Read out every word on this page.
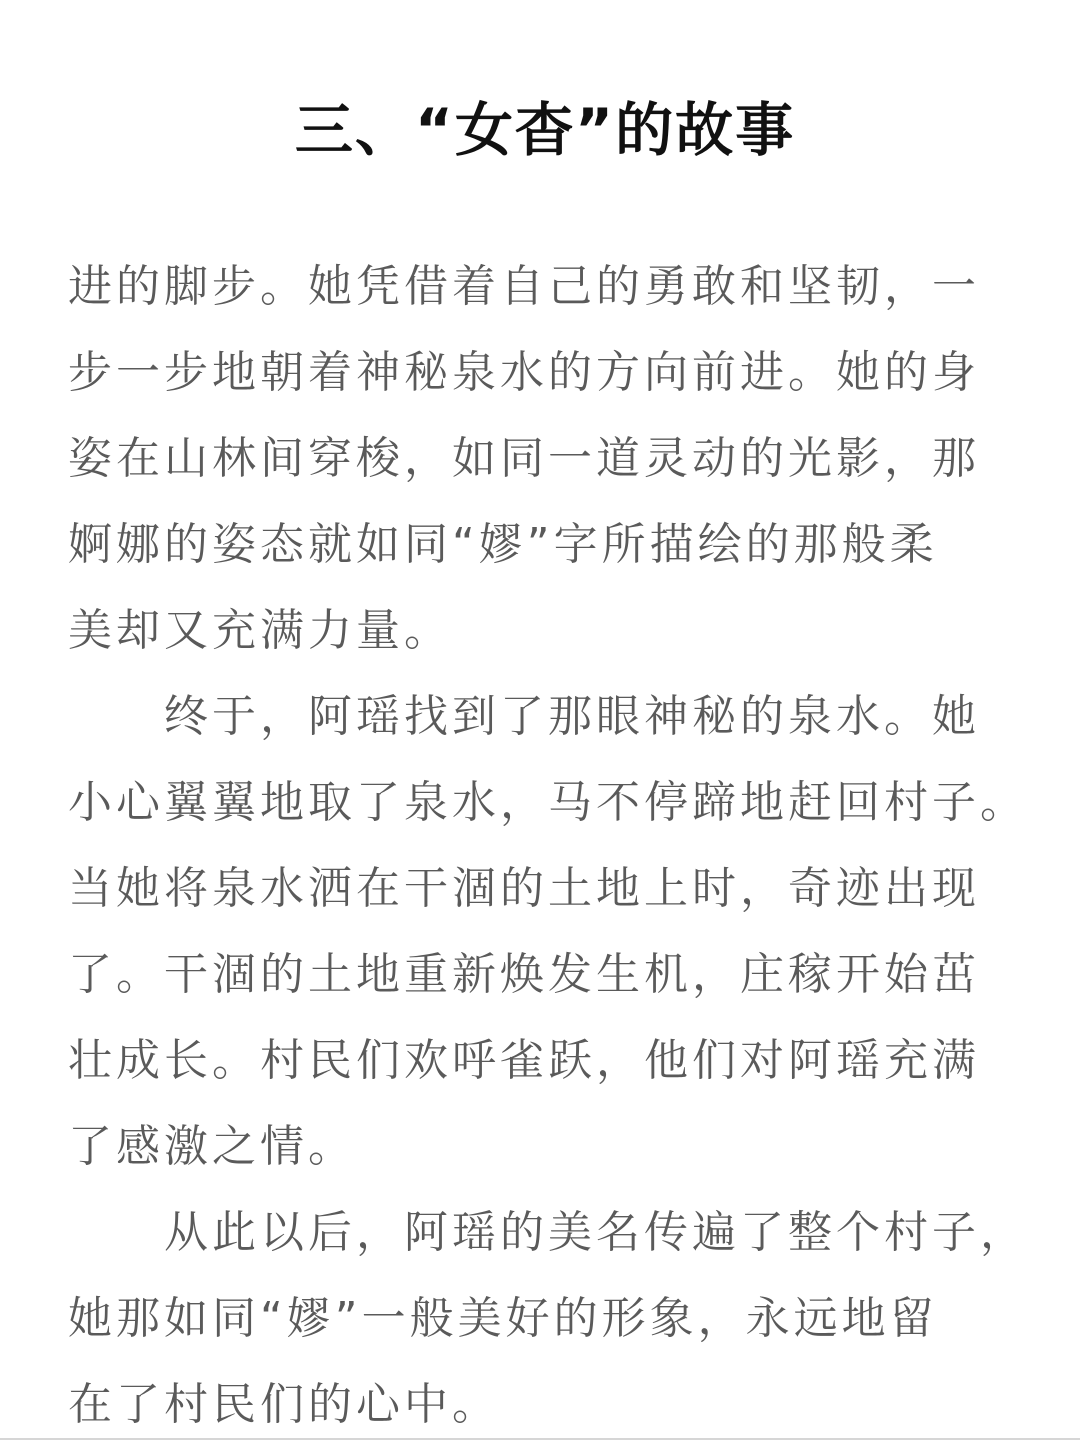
三、“女杳”的故事
进的脚步。她凭借着自己的勇敢和坚韧，一
步一步地朝着神秘泉水的方向前进。她的身
姿在山林间穿梭，如同一道灵动的光影，那
婀娜的姿态就如同“嫪”字所描绘的那般柔
美却又充满力量。
　　终于，阿瑶找到了那眼神秘的泉水。她
小心翼翼地取了泉水，马不停蹄地赶回村子。
当她将泉水洒在干涸的土地上时，奇迹出现
了。干涸的土地重新焕发生机，庄稼开始茁
壮成长。村民们欢呼雀跃，他们对阿瑶充满
了感激之情。
　　从此以后，阿瑶的美名传遍了整个村子，
她那如同“嫪”一般美好的形象，永远地留
在了村民们的心中。
